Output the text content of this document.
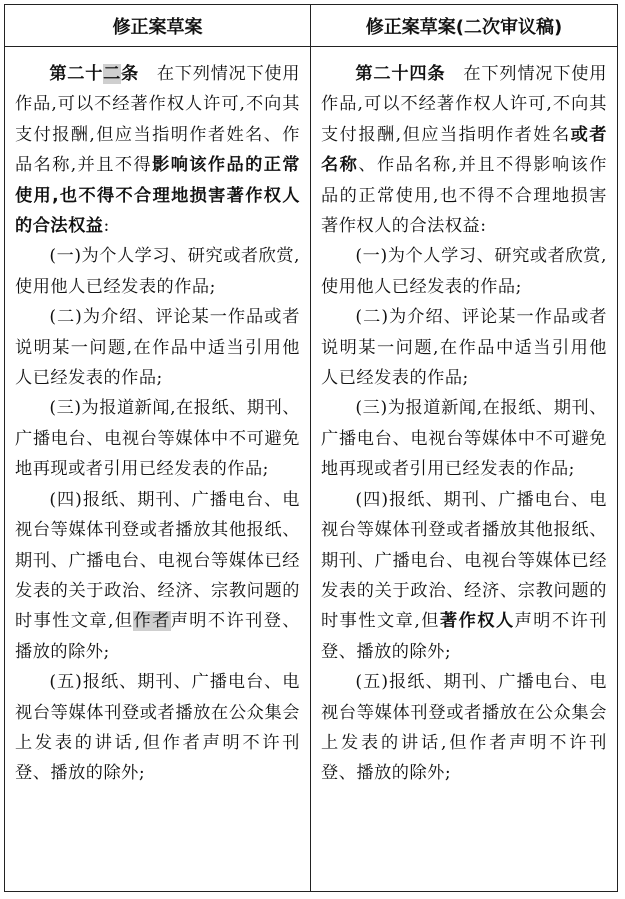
修正案草案	修正案草案(二次审议稿)

第二十二条　 在下列情况下使用作品,可以不经著作权人许可,不向其支付报酬,但应当指明作者姓名、作品名称,并且不得影响该作品的正常使用,也不得不合理地损害著作权人的合法权益:

(一)为个人学习、研究或者欣赏,使用他人已经发表的作品;

(二)为介绍、评论某一作品或者说明某一问题,在作品中适当引用他人已经发表的作品;

(三)为报道新闻,在报纸、期刊、广播电台、电视台等媒体中不可避免地再现或者引用已经发表的作品;

(四)报纸、期刊、广播电台、电视台等媒体刊登或者播放其他报纸、期刊、广播电台、电视台等媒体已经发表的关于政治、经济、宗教问题的时事性文章,但作者声明不许刊登、播放的除外;

(五)报纸、期刊、广播电台、电视台等媒体刊登或者播放在公众集会上发表的讲话,但作者声明不许刊登、播放的除外;

第二十四条　 在下列情况下使用作品,可以不经著作权人许可,不向其支付报酬,但应当指明作者姓名或者名称、作品名称,并且不得影响该作品的正常使用,也不得不合理地损害著作权人的合法权益:

(一)为个人学习、研究或者欣赏,使用他人已经发表的作品;

(二)为介绍、评论某一作品或者说明某一问题,在作品中适当引用他人已经发表的作品;

(三)为报道新闻,在报纸、期刊、广播电台、电视台等媒体中不可避免地再现或者引用已经发表的作品;

(四)报纸、期刊、广播电台、电视台等媒体刊登或者播放其他报纸、期刊、广播电台、电视台等媒体已经发表的关于政治、经济、宗教问题的时事性文章,但著作权人声明不许刊登、播放的除外;

(五)报纸、期刊、广播电台、电视台等媒体刊登或者播放在公众集会上发表的讲话,但作者声明不许刊登、播放的除外;
